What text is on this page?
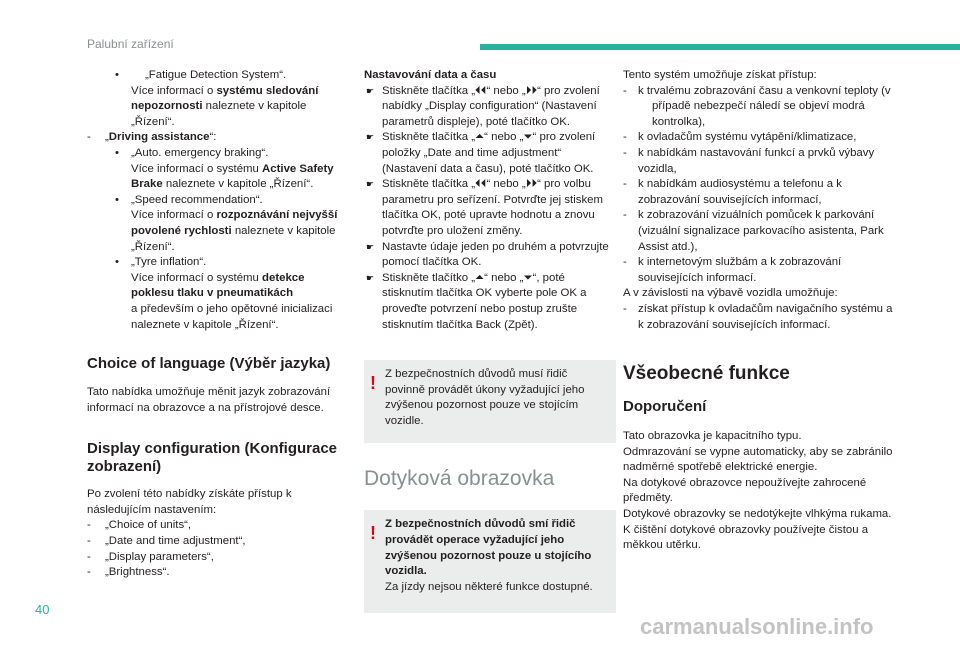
Palubní zařízení
•	„Fatigue Detection System“.

Více informací o systému sledování nepozornosti naleznete v kapitole „Řízení“.

- „Driving assistance“:

• „Auto. emergency braking“.

Více informací o systému Active Safety Brake naleznete v kapitole „Řízení“.

• „Speed recommendation“.

Více informací o rozpoznávání nejvyšší povolené rychlosti naleznete v kapitole „Řízení“.

• „Tyre inflation“.

Více informací o systému detekce poklesu tlaku v pneumatikách

a především o jeho opětovné inicializaci naleznete v kapitole „Řízení“.

Choice of language (Výběr jazyka)

Tato nabídka umožňuje měnit jazyk zobrazování informací na obrazovce a na přístrojové desce.

Display configuration (Konfigurace zobrazení)

Po zvolení této nabídky získáte přístup k následujícím nastavením:

- „Choice of units“,

- „Date and time adjustment“,

- „Display parameters“,

- „Brightness“.

Nastavování data a času

☛ Stiskněte tlačítka „⏴⏴“ nebo „⏵⏵“ pro zvolení nabídky „Display configuration“ (Nastavení parametrů displeje), poté tlačítko OK.

☛ Stiskněte tlačítka „⏶“ nebo „⏷“ pro zvolení položky „Date and time adjustment“ (Nastavení data a času), poté tlačítko OK.

☛ Stiskněte tlačítka „⏴⏴“ nebo „⏵⏵“ pro volbu parametru pro seřízení. Potvrďte jej stiskem tlačítka OK, poté upravte hodnotu a znovu potvrďte pro uložení změny.

☛ Nastavte údaje jeden po druhém a potvrzujte pomocí tlačítka OK.

☛ Stiskněte tlačítko „⏶“ nebo „⏷“, poté stisknutím tlačítka OK vyberte pole OK a proveďte potvrzení nebo postup zrušte stisknutím tlačítka Back (Zpět).

! Z bezpečnostních důvodů musí řidič povinně provádět úkony vyžadující jeho zvýšenou pozornost pouze ve stojícím vozidle.

Dotyková obrazovka
! Z bezpečnostních důvodů smí řidič provádět operace vyžadující jeho zvýšenou pozornost pouze u stojícího vozidla.

Za jízdy nejsou některé funkce dostupné.

Tento systém umožňuje získat přístup:

- k trvalému zobrazování času a venkovní teploty (v případě nebezpečí náledí se objeví modrá kontrolka),

- k ovladačům systému vytápění/klimatizace,

- k nabídkám nastavování funkcí a prvků výbavy vozidla,

- k nabídkám audiosystému a telefonu a k zobrazování souvisejících informací,

- k zobrazování vizuálních pomůcek k parkování (vizuální signalizace parkovacího asistenta, Park Assist atd.),

- k internetovým službám a k zobrazování souvisejících informací.

A v závislosti na výbavě vozidla umožňuje:

- získat přístup k ovladačům navigačního systému a k zobrazování souvisejících informací.

Všeobecné funkce
Doporučení

Tato obrazovka je kapacitního typu.

Odmrazování se vypne automaticky, aby se zabránilo nadměrné spotřebě elektrické energie.

Na dotykové obrazovce nepoužívejte zahrocené předměty.

Dotykové obrazovky se nedotýkejte vlhkýma rukama.

K čištění dotykové obrazovky používejte čistou a měkkou utěrku.

40
carmanualsonline.info
